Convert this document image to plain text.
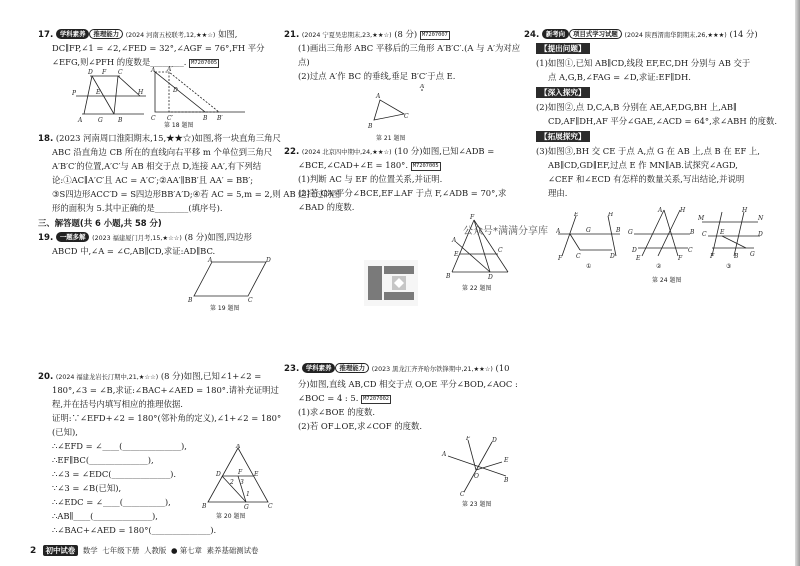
17. 学科素养 推理能力 (2024 河南五校联考,12,★★☆) 如图,
DC∥FP,∠1 = ∠2,∠FED = 32°,∠AGF = 76°,FH 平分
∠EFG,则∠PFH 的度数是________. M7207005
D F C
P	E	H
A	G	B
A A′
D
C C′	B B′
第 18 题图
18. (2023 河南周口淮阳期末,15,★★☆)如图,将一块直角三角尺
ABC 沿直角边 CB 所在的直线向右平移 m 个单位到三角尺
A′B′C′的位置,A′C′与 AB 相交于点 D,连接 AA′,有下列结
论:①AC∥A′C′且 AC = A′C′;②AA′∥BB′且 AA′ = BB′;
③S四边形ACC′D = S四边形BB′A′D;④若 AC = 5,m = 2,则 AB 边扫过的图
形的面积为 5.其中正确的是________(填序号).
三、解答题(共 6 小题,共 58 分)
19. 一题多解 (2023 福建厦门月考,15,★☆☆) (8 分)如图,四边形
ABCD 中,∠A = ∠C,AB∥CD,求证:AD∥BC.
A	D
B	C
第 19 题图
20. (2024 福建龙岩长汀期中,21,★☆☆) (8 分)如图,已知∠1+∠2 =
180°,∠3 = ∠B,求证:∠BAC+∠AED = 180°.请补充证明过
程,并在括号内填写相应的推理依据.
证明:∵∠EFD+∠2 = 180°(邻补角的定义),∠1+∠2 = 180°
(已知),
∴∠EFD = ∠____(______________),
∴EF∥BC(______________),
∴∠3 = ∠EDC(______________).
∵∠3 = ∠B(已知),
∴∠EDC = ∠____(__________),
∴AB∥____(______________),
∴∠BAC+∠AED = 180°(______________).
A
D	E
F
2 3
1
B	G	C
第 20 题图
21. (2024 宁夏吴忠期末,23,★★☆) (8 分) M7207007
(1)画出三角形 ABC 平移后的三角形 A′B′C′.(A 与 A′为对应
点)
(2)过点 A′作 BC 的垂线,垂足 B′C′于点 E.
A′
A
B
C
第 21 题图
22. (2024 北京四中期中,24,★★☆) (10 分)如图,已知∠ADB =
∠BCE,∠CAD+∠E = 180°. M7207005
(1)判断 AC 与 EF 的位置关系,并证明.
(2)若 CA 平分∠BCE,EF⊥AF 于点 F,∠ADB = 70°,求
∠BAD 的度数.
F
A
E
C
B	D
第 22 题图
公众号*满满分享库
23. 学科素养 推理能力 (2023 黑龙江齐齐哈尔铁锋期中,21,★★☆) (10
分)如图,直线 AB,CD 相交于点 O,OE 平分∠BOD,∠AOC :
∠BOC = 4 : 5. M7207002
(1)求∠BOE 的度数.
(2)若 OF⊥OE,求∠COF 的度数.
F	D
A
E
O
B
C
第 23 题图
24. 新考向 项目式学习试题 (2024 陕西渭南华阴期末,26,★★★) (14 分)
【提出问题】
(1)如图①,已知 AB∥CD,线段 EF,EC,DH 分别与 AB 交于
点 A,G,B,∠FAG = ∠D,求证:EF∥DH.
【深入探究】
(2)如图②,点 D,C,A,B 分别在 AE,AF,DG,BH 上,AB∥
CD,AF∥DH,AF 平分∠GAE,∠ACD = 64°,求∠ABH 的度数.
【拓展探究】
(3)如图③,BH 交 CE 于点 A,点 G 在 AB 上,点 B 在 EF 上,
AB∥CD,GD∥EF,过点 E 作 MN∥AB.试探究∠AGD,
∠CEF 和∠ECD 有怎样的数量关系,写出结论,并说明
理由.
E	H
A	G	B
C	D
F
A	H
G	B
D	C
E	F
M
H
N
C E	D
F	B G
①	②	③
第 24 题图
2 初中试卷 数学 七年级下册 人教版  ● 第七章 素养基础测试卷
